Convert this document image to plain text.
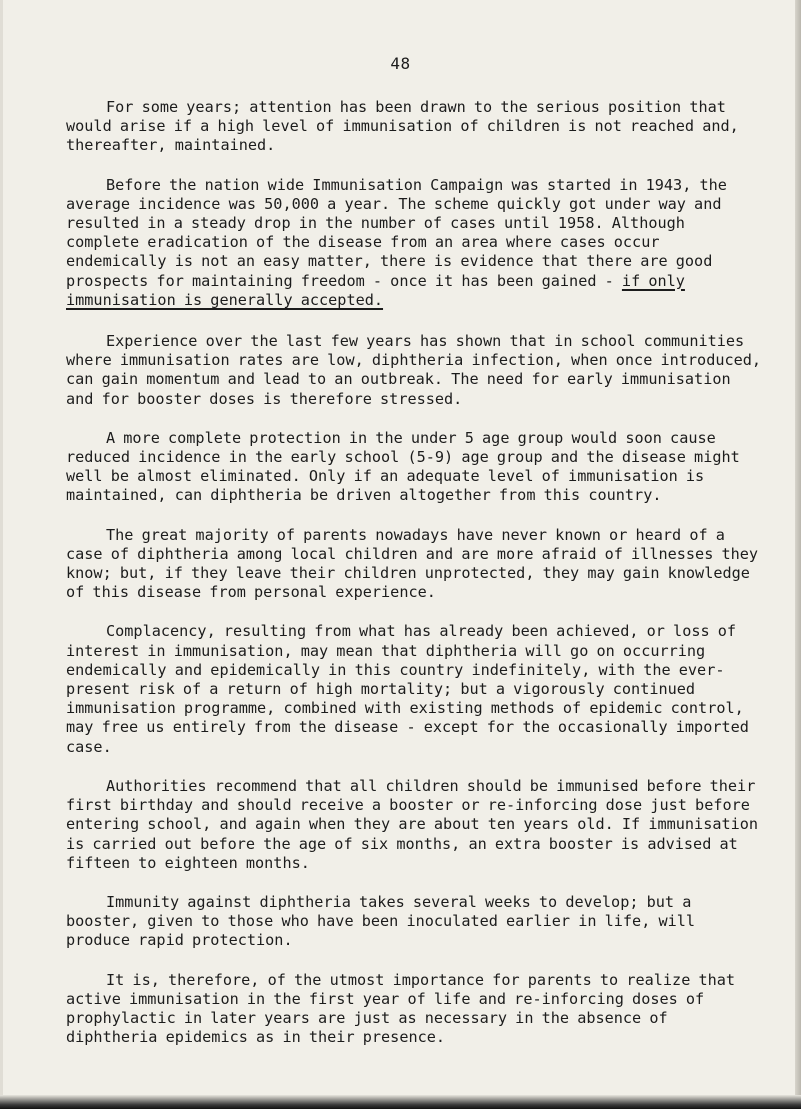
48

For some years; attention has been drawn to the serious position that would arise if a high level of immunisation of children is not reached and, thereafter, maintained.

Before the nation wide Immunisation Campaign was started in 1943, the average incidence was 50,000 a year. The scheme quickly got under way and resulted in a steady drop in the number of cases until 1958. Although complete eradication of the disease from an area where cases occur endemically is not an easy matter, there is evidence that there are good prospects for maintaining freedom - once it has been gained - if only immunisation is generally accepted.

Experience over the last few years has shown that in school communities where immunisation rates are low, diphtheria infection, when once introduced, can gain momentum and lead to an outbreak. The need for early immunisation and for booster doses is therefore stressed.

A more complete protection in the under 5 age group would soon cause reduced incidence in the early school (5-9) age group and the disease might well be almost eliminated. Only if an adequate level of immunisation is maintained, can diphtheria be driven altogether from this country.

The great majority of parents nowadays have never known or heard of a case of diphtheria among local children and are more afraid of illnesses they know; but, if they leave their children unprotected, they may gain knowledge of this disease from personal experience.

Complacency, resulting from what has already been achieved, or loss of interest in immunisation, may mean that diphtheria will go on occurring endemically and epidemically in this country indefinitely, with the ever-present risk of a return of high mortality; but a vigorously continued immunisation programme, combined with existing methods of epidemic control, may free us entirely from the disease - except for the occasionally imported case.

Authorities recommend that all children should be immunised before their first birthday and should receive a booster or re-inforcing dose just before entering school, and again when they are about ten years old. If immunisation is carried out before the age of six months, an extra booster is advised at fifteen to eighteen months.

Immunity against diphtheria takes several weeks to develop; but a booster, given to those who have been inoculated earlier in life, will produce rapid protection.

It is, therefore, of the utmost importance for parents to realize that active immunisation in the first year of life and re-inforcing doses of prophylactic in later years are just as necessary in the absence of diphtheria epidemics as in their presence.
